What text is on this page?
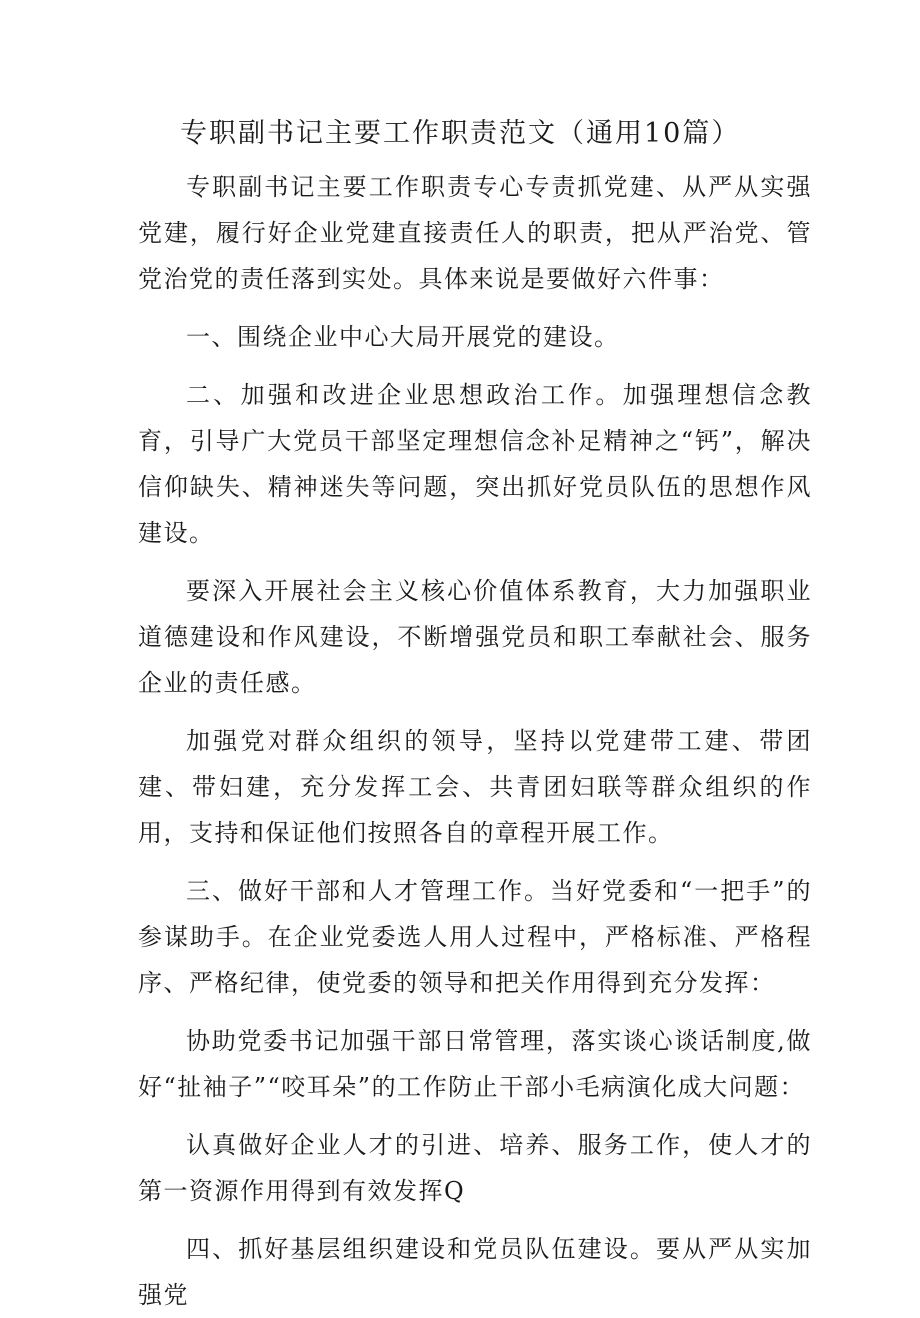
专职副书记主要工作职责范文（通用10篇）

专职副书记主要工作职责专心专责抓党建、从严从实强党建，履行好企业党建直接责任人的职责，把从严治党、管党治党的责任落到实处。具体来说是要做好六件事：

一、围绕企业中心大局开展党的建设。

二、加强和改进企业思想政治工作。加强理想信念教育，引导广大党员干部坚定理想信念补足精神之“钙”，解决信仰缺失、精神迷失等问题，突出抓好党员队伍的思想作风建设。

要深入开展社会主义核心价值体系教育，大力加强职业道德建设和作风建设，不断增强党员和职工奉献社会、服务企业的责任感。

加强党对群众组织的领导，坚持以党建带工建、带团建、带妇建，充分发挥工会、共青团妇联等群众组织的作用，支持和保证他们按照各自的章程开展工作。

三、做好干部和人才管理工作。当好党委和“一把手”的参谋助手。在企业党委选人用人过程中，严格标准、严格程序、严格纪律，使党委的领导和把关作用得到充分发挥：

协助党委书记加强干部日常管理，落实谈心谈话制度,做好“扯袖子”“咬耳朵”的工作防止干部小毛病演化成大问题：

认真做好企业人才的引进、培养、服务工作，使人才的第一资源作用得到有效发挥Q

四、抓好基层组织建设和党员队伍建设。要从严从实加强党
